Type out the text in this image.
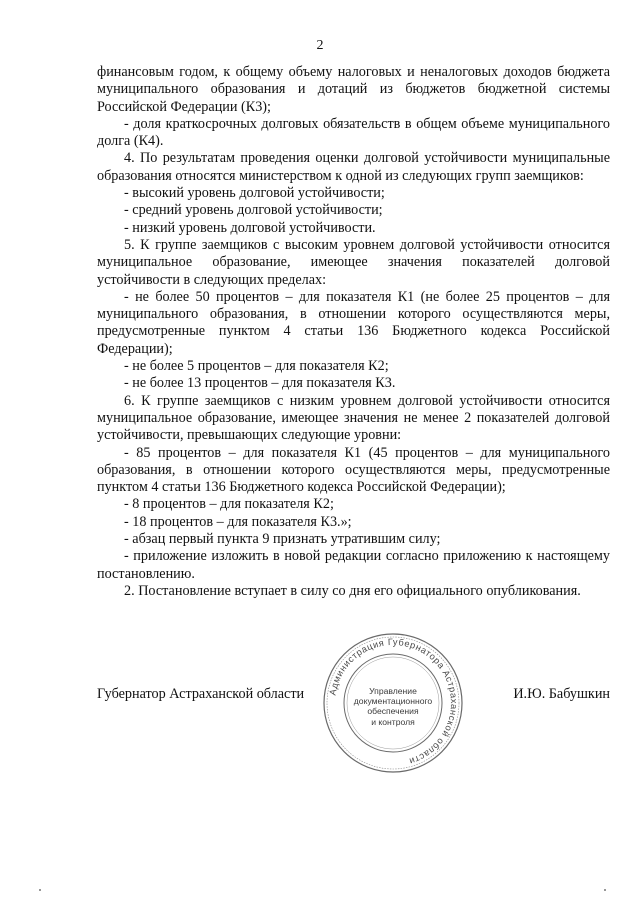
2

финансовым годом, к общему объему налоговых и неналоговых доходов бюджета муниципального образования и дотаций из бюджетов бюджетной системы Российской Федерации (К3);

- доля краткосрочных долговых обязательств в общем объеме муниципального долга (К4).

4. По результатам проведения оценки долговой устойчивости муниципальные образования относятся министерством к одной из следующих групп заемщиков:

- высокий уровень долговой устойчивости;

- средний уровень долговой устойчивости;

- низкий уровень долговой устойчивости.

5. К группе заемщиков с высоким уровнем долговой устойчивости относится муниципальное образование, имеющее значения показателей долговой устойчивости в следующих пределах:

- не более 50 процентов – для показателя К1 (не более 25 процентов – для муниципального образования, в отношении которого осуществляются меры, предусмотренные пунктом 4 статьи 136 Бюджетного кодекса Российской Федерации);

- не более 5 процентов – для показателя К2;

- не более 13 процентов – для показателя К3.

6. К группе заемщиков с низким уровнем долговой устойчивости относится муниципальное образование, имеющее значения не менее 2 показателей долговой устойчивости, превышающих следующие уровни:

- 85 процентов – для показателя К1 (45 процентов – для муниципального образования, в отношении которого осуществляются меры, предусмотренные пунктом 4 статьи 136 Бюджетного кодекса Российской Федерации);

- 8 процентов – для показателя К2;

- 18 процентов – для показателя К3.»;

- абзац первый пункта 9 признать утратившим силу;

- приложение изложить в новой редакции согласно приложению к настоящему постановлению.

2. Постановление вступает в силу со дня его официального опубликования.

Губернатор Астраханской области	И.Ю. Бабушкин
Администрация Губернатора Астраханской области
Управление
документационного
обеспечения
и контроля
